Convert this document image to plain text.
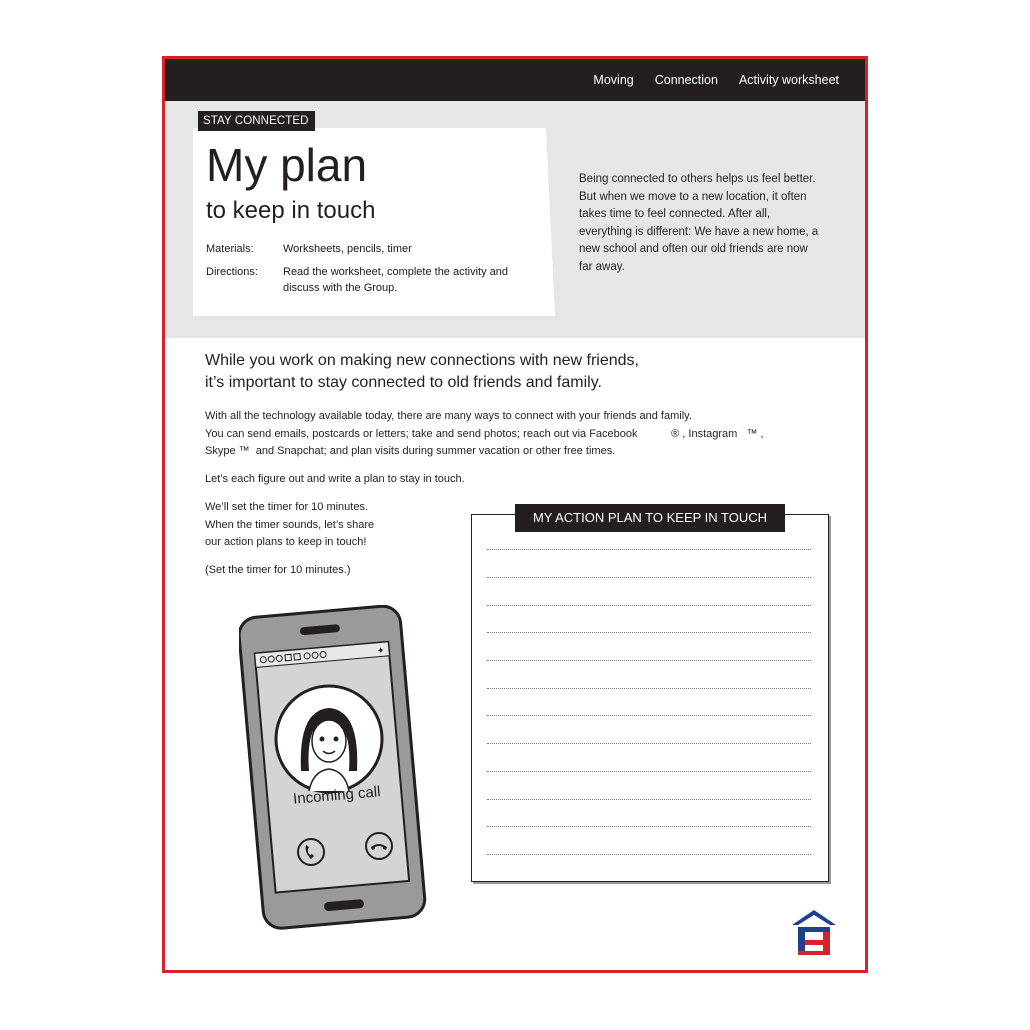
Moving Connection Activity worksheet
STAY CONNECTED
My plan
to keep in touch
Materials:	Worksheets, pencils, timer
Directions:	Read the worksheet, complete the activity and discuss with the Group.
Being connected to others helps us feel better. But when we move to a new location, it often takes time to feel connected. After all, everything is different: We have a new home, a new school and often our old friends are now far away.
While you work on making new connections with new friends,
it’s important to stay connected to old friends and family.
With all the technology available today, there are many ways to connect with your friends and family.
You can send emails, postcards or letters; take and send photos; reach out via Facebook           ® , Instagram   ™ ,
Skype ™  and Snapchat; and plan visits during summer vacation or other free times.
Let’s each figure out and write a plan to stay in touch.
We’ll set the timer for 10 minutes.
When the timer sounds, let’s share
our action plans to keep in touch!
(Set the timer for 10 minutes.)
✦
Incoming call
MY ACTION PLAN TO KEEP IN TOUCH
